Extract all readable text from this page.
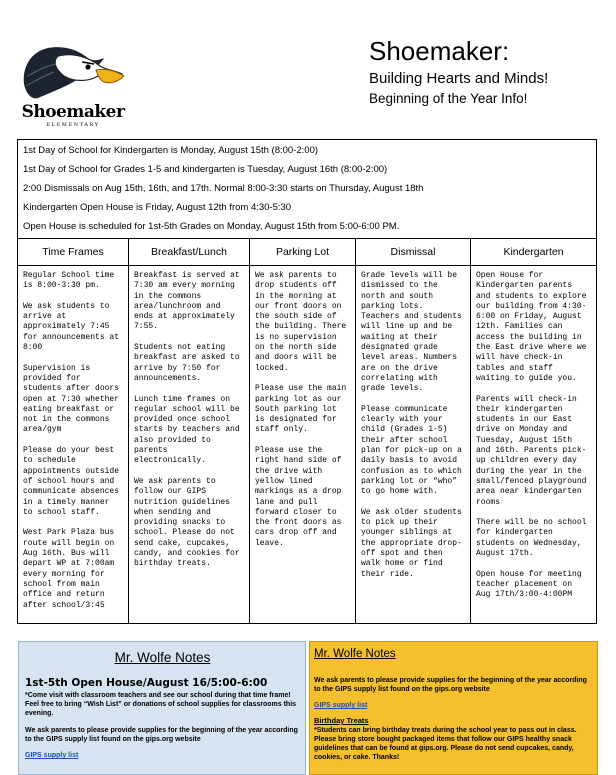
Shoemaker
ELEMENTARY
Shoemaker:
Building Hearts and Minds!
Beginning of the Year Info!
1st Day of School for Kindergarten is Monday, August 15th (8:00-2:00)
1st Day of School for Grades 1-5 and kindergarten is Tuesday, August 16th (8:00-2:00)
2:00 Dismissals on Aug 15th, 16th, and 17th. Normal 8:00-3:30 starts on Thursday, August 18th
Kindergarten Open House is Friday, August 12th from 4:30-5:30
Open House is scheduled for 1st-5th Grades on Monday, August 15th from 5:00-6:00 PM.
Time Frames

Regular School time is 8:00-3:30 pm.

We ask students to arrive at approximately 7:45 for announcements at 8:00

Supervision is provided for students after doors open at 7:30 whether eating breakfast or not in the commons area/gym

Please do your best to schedule appointments outside of school hours and communicate absences in a timely manner to school staff.

West Park Plaza bus route will begin on Aug 16th. Bus will depart WP at 7:00am every morning for school from main office and return after school/3:45

Breakfast/Lunch

Breakfast is served at 7:30 am every morning in the commons area/lunchroom and ends at approximately 7:55.

Students not eating breakfast are asked to arrive by 7:50 for announcements.

Lunch time frames on regular school will be provided once school starts by teachers and also provided to parents electronically.

We ask parents to follow our GIPS nutrition guidelines when sending and providing snacks to school. Please do not send cake, cupcakes, candy, and cookies for birthday treats.

Parking Lot

We ask parents to drop students off in the morning at our front doors on the south side of the building. There is no supervision on the north side and doors will be locked.

Please use the main parking lot as our South parking lot is designated for staff only.

Please use the right hand side of the drive with yellow lined markings as a drop lane and pull forward closer to the front doors as cars drop off and leave.

Dismissal

Grade levels will be dismissed to the north and south parking lots. Teachers and students will line up and be waiting at their designated grade level areas. Numbers are on the drive correlating with grade levels.

Please communicate clearly with your child (Grades 1-5) their after school plan for pick-up on a daily basis to avoid confusion as to which parking lot or “who” to go home with.

We ask older students to pick up their younger siblings at the appropriate drop-off spot and then walk home or find their ride.

Kindergarten

Open House for Kindergarten parents and students to explore our building from 4:30-6:00 on Friday, August 12th. Families can access the building in the East drive where we will have check-in tables and staff waiting to guide you.

Parents will check-in their kindergarten students in our East drive on Monday and Tuesday, August 15th and 16th. Parents pick-up children every day during the year in the small/fenced playground area near kindergarten rooms

There will be no school for kindergarten students on Wednesday, August 17th.

Open house for meeting teacher placement on Aug 17th/3:00-4:00PM

Mr. Wolfe Notes
1st-5th Open House/August 16/5:00-6:00

*Come visit with classroom teachers and see our school during that time frame! Feel free to bring “Wish List” or donations of school supplies for classrooms this evening.

We ask parents to please provide supplies for the beginning of the year according to the GIPS supply list found on the gips.org website

GIPS supply list
Mr. Wolfe Notes

We ask parents to please provide supplies for the beginning of the year according to the GIPS supply list found on the gips.org website

GIPS supply list
Birthday Treats

*Students can bring birthday treats during the school year to pass out in class. Please bring store bought packaged items that follow our GIPS healthy snack guidelines that can be found at gips.org. Please do not send cupcakes, candy, cookies, or cake. Thanks!
